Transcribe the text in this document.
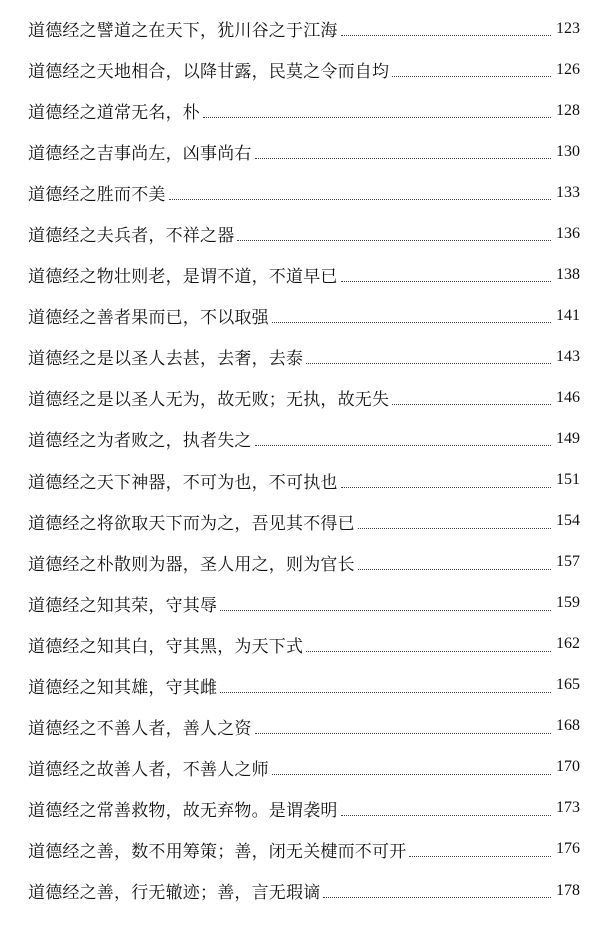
道德经之譬道之在天下，犹川谷之于江海	123
道德经之天地相合，以降甘露，民莫之令而自均	126
道德经之道常无名，朴	128
道德经之吉事尚左，凶事尚右	130
道德经之胜而不美	133
道德经之夫兵者，不祥之器	136
道德经之物壮则老，是谓不道，不道早已	138
道德经之善者果而已，不以取强	141
道德经之是以圣人去甚，去奢，去泰	143
道德经之是以圣人无为，故无败；无执，故无失	146
道德经之为者败之，执者失之	149
道德经之天下神器，不可为也，不可执也	151
道德经之将欲取天下而为之，吾见其不得已	154
道德经之朴散则为器，圣人用之，则为官长	157
道德经之知其荣，守其辱	159
道德经之知其白，守其黑，为天下式	162
道德经之知其雄，守其雌	165
道德经之不善人者，善人之资	168
道德经之故善人者，不善人之师	170
道德经之常善救物，故无弃物。是谓袭明	173
道德经之善，数不用筹策；善，闭无关楗而不可开	176
道德经之善，行无辙迹；善，言无瑕谪	178
